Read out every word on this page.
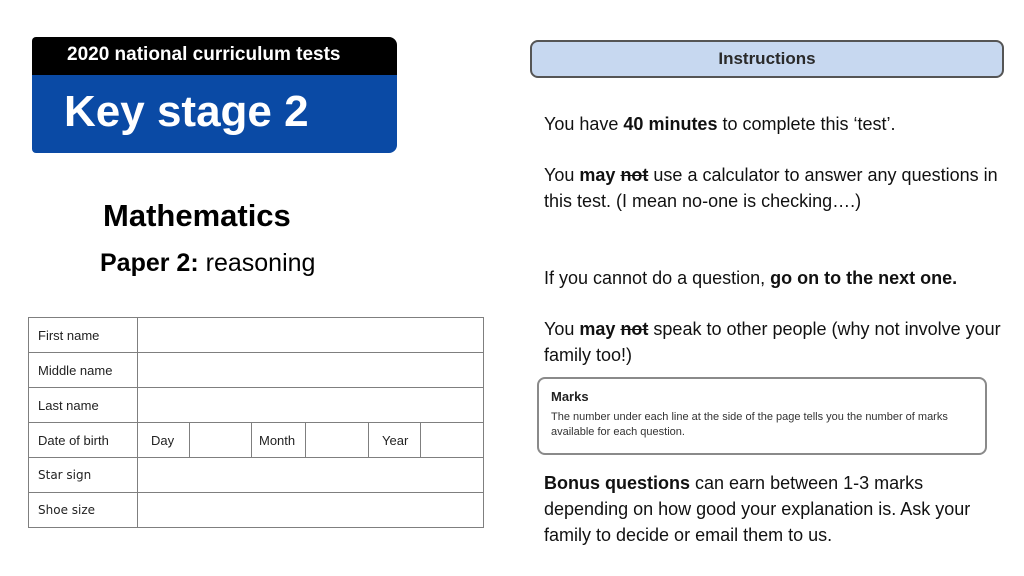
2020 national curriculum tests
Key stage 2
Mathematics
Paper 2: reasoning
First name						
Middle name						
Last name						
Date of birth	Day		Month		Year	
Star sign						
Shoe size						
Instructions
You have 40 minutes to complete this ‘test’.
You may not use a calculator to answer any questions in this test. (I mean no-one is checking….)
If you cannot do a question, go on to the next one.
You may not speak to other people (why not involve your family too!)
Marks
The number under each line at the side of the page tells you the number of marks available for each question.
Bonus questions can earn between 1-3 marks depending on how good your explanation is. Ask your family to decide or email them to us.
